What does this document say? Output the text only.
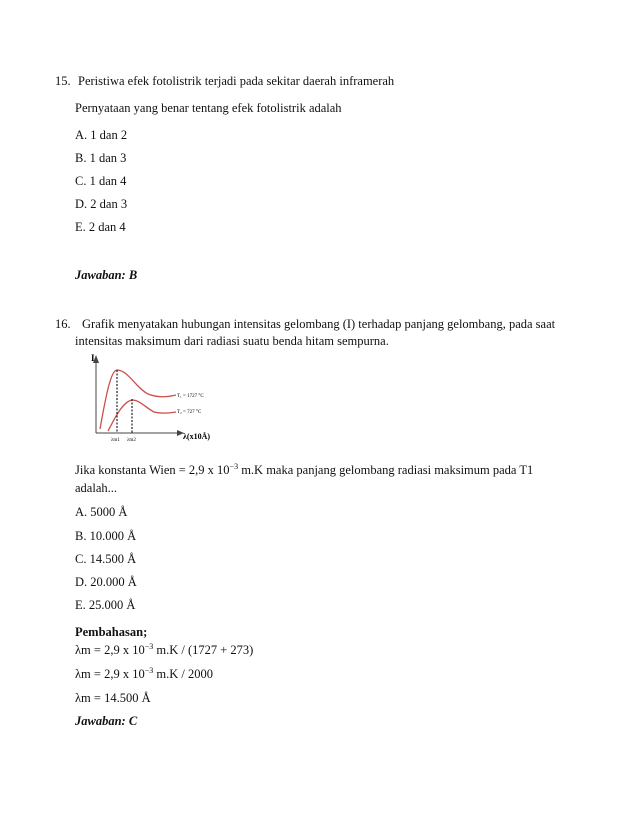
15. Peristiwa efek fotolistrik terjadi pada sekitar daerah inframerah
Pernyataan yang benar tentang efek fotolistrik adalah
A. 1 dan 2
B. 1 dan 3
C. 1 dan 4
D. 2 dan 3
E. 2 dan 4
Jawaban: B
16. Grafik menyatakan hubungan intensitas gelombang (I) terhadap panjang gelombang, pada saat
intensitas maksimum dari radiasi suatu benda hitam sempurna.
I
λ(x10Å)
T₁ = 1727 °C
T₂ = 727 °C
λm1 λm2
Jika konstanta Wien = 2,9 x $10^{-3}$ m.K maka panjang gelombang radiasi maksimum pada T1
adalah...
A. 5000 Å
B. 10.000 Å
C. 14.500 Å
D. 20.000 Å
E. 25.000 Å
Pembahasan;
λm = 2,9 x $10^{-3}$ m.K / (1727 + 273)
λm = 2,9 x $10^{-3}$ m.K / 2000
λm = 14.500 Å
Jawaban: C
